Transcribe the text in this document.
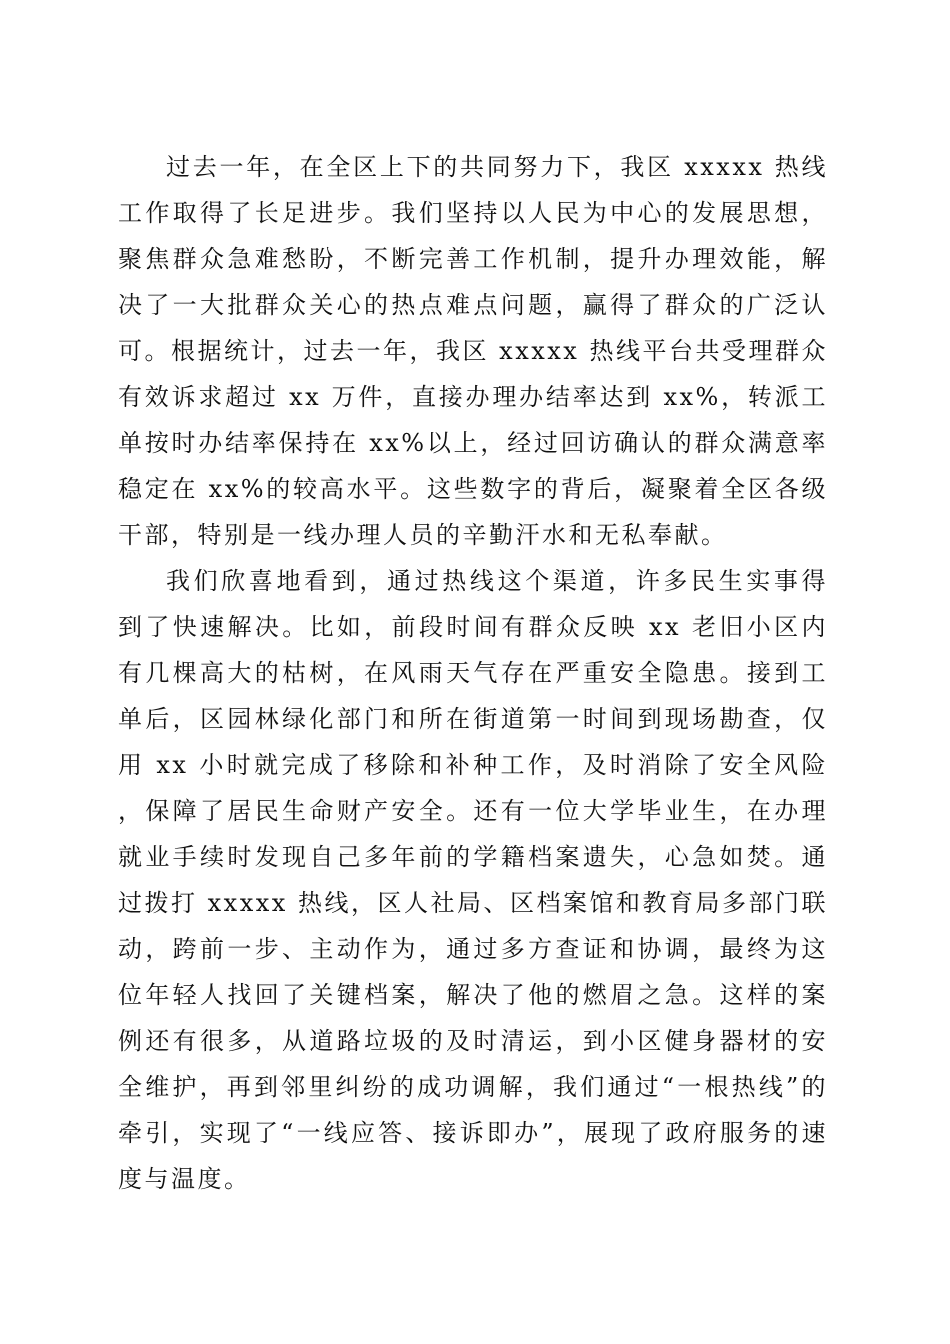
过去一年，在全区上下的共同努力下，我区 xxxxx 热线工作取得了长足进步。我们坚持以人民为中心的发展思想，聚焦群众急难愁盼，不断完善工作机制，提升办理效能，解决了一大批群众关心的热点难点问题，赢得了群众的广泛认可。根据统计，过去一年，我区 xxxxx 热线平台共受理群众有效诉求超过 xx 万件，直接办理办结率达到 xx%，转派工单按时办结率保持在 xx%以上，经过回访确认的群众满意率稳定在 xx%的较高水平。这些数字的背后，凝聚着全区各级干部，特别是一线办理人员的辛勤汗水和无私奉献。

我们欣喜地看到，通过热线这个渠道，许多民生实事得到了快速解决。比如，前段时间有群众反映 xx 老旧小区内有几棵高大的枯树，在风雨天气存在严重安全隐患。接到工单后，区园林绿化部门和所在街道第一时间到现场勘查，仅用 xx 小时就完成了移除和补种工作，及时消除了安全风险，保障了居民生命财产安全。还有一位大学毕业生，在办理就业手续时发现自己多年前的学籍档案遗失，心急如焚。通过拨打 xxxxx 热线，区人社局、区档案馆和教育局多部门联动，跨前一步、主动作为，通过多方查证和协调，最终为这位年轻人找回了关键档案，解决了他的燃眉之急。这样的案例还有很多，从道路垃圾的及时清运，到小区健身器材的安全维护，再到邻里纠纷的成功调解，我们通过“一根热线”的牵引，实现了“一线应答、接诉即办”，展现了政府服务的速度与温度。
